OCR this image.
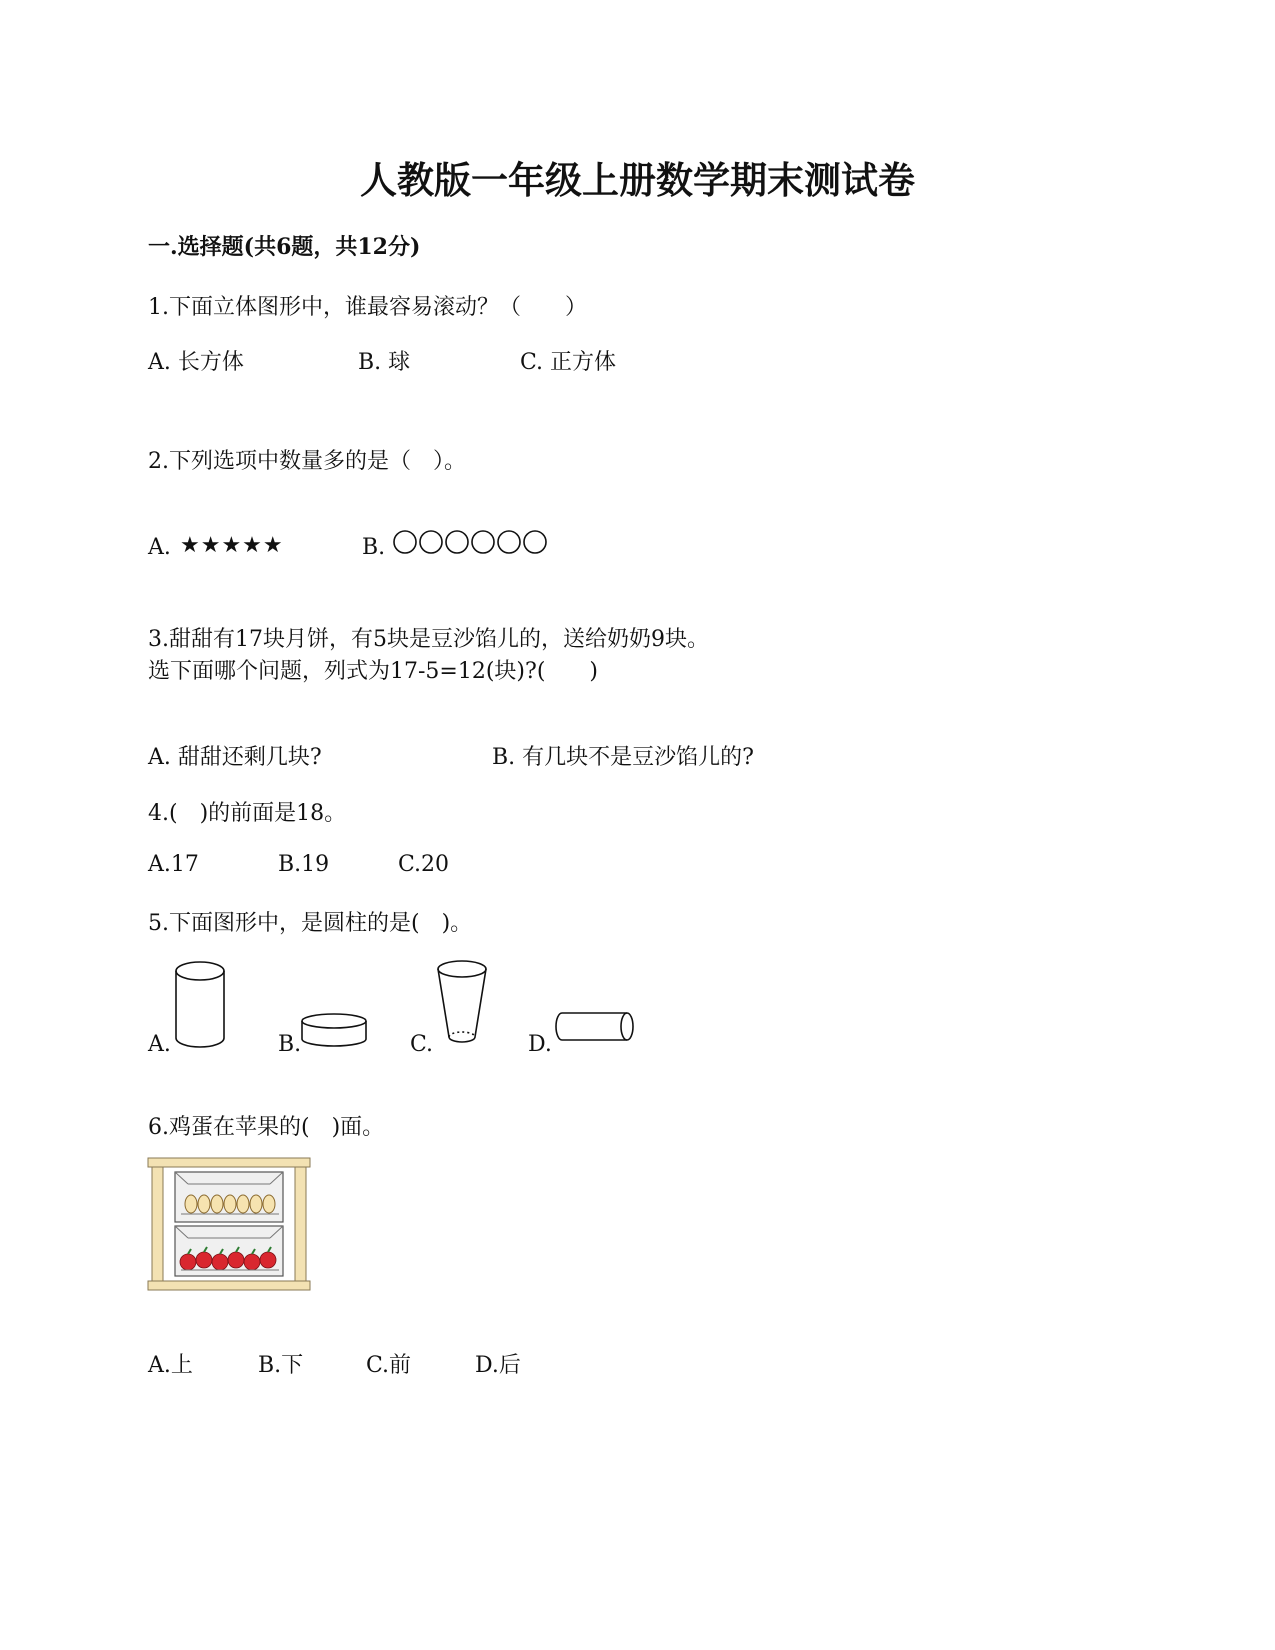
人教版一年级上册数学期末测试卷
一.选择题(共6题，共12分)
1.下面立体图形中，谁最容易滚动？（　　）
A. 长方体	B. 球	C. 正方体
2.下列选项中数量多的是（　）。
A. ★★★★★	B.
3.甜甜有17块月饼，有5块是豆沙馅儿的，送给奶奶9块。
选下面哪个问题，列式为17-5=12(块)?(　　)
A. 甜甜还剩几块?	B. 有几块不是豆沙馅儿的?
4.(　)的前面是18。
A.17	B.19	C.20
5.下面图形中，是圆柱的是(　)。
A.	B.	C.	D.
6.鸡蛋在苹果的(　)面。
A.上	B.下	C.前	D.后
